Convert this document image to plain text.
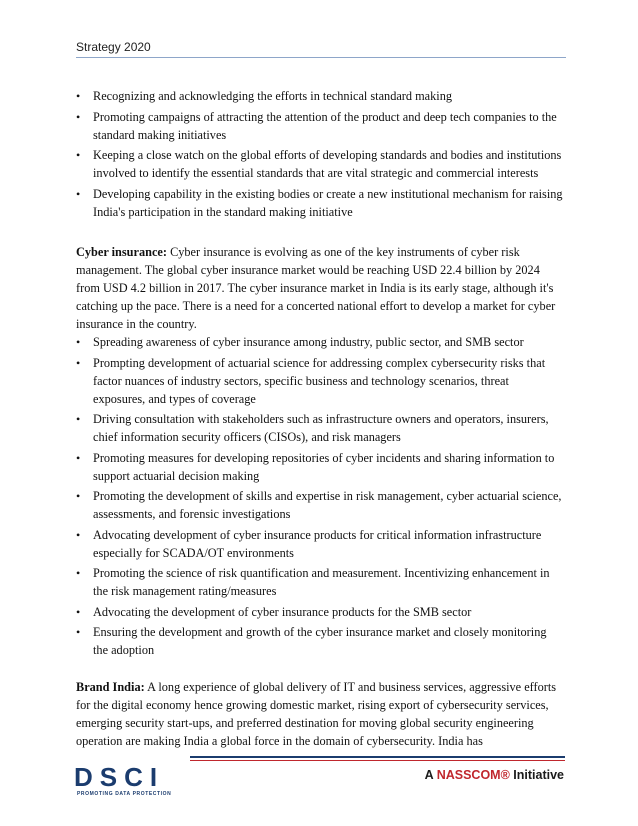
Strategy 2020
• Recognizing and acknowledging the efforts in technical standard making
• Promoting campaigns of attracting the attention of the product and deep tech companies to the standard making initiatives
• Keeping a close watch on the global efforts of developing standards and bodies and institutions involved to identify the essential standards that are vital strategic and commercial interests
• Developing capability in the existing bodies or create a new institutional mechanism for raising India's participation in the standard making initiative

Cyber insurance: Cyber insurance is evolving as one of the key instruments of cyber risk management. The global cyber insurance market would be reaching USD 22.4 billion by 2024 from USD 4.2 billion in 2017. The cyber insurance market in India is its early stage, although it's catching up the pace. There is a need for a concerted national effort to develop a market for cyber insurance in the country.

• Spreading awareness of cyber insurance among industry, public sector, and SMB sector
• Prompting development of actuarial science for addressing complex cybersecurity risks that factor nuances of industry sectors, specific business and technology scenarios, threat exposures, and types of coverage
• Driving consultation with stakeholders such as infrastructure owners and operators, insurers, chief information security officers (CISOs), and risk managers
• Promoting measures for developing repositories of cyber incidents and sharing information to support actuarial decision making
• Promoting the development of skills and expertise in risk management, cyber actuarial science, assessments, and forensic investigations
• Advocating development of cyber insurance products for critical information infrastructure especially for SCADA/OT environments
• Promoting the science of risk quantification and measurement. Incentivizing enhancement in the risk management rating/measures
• Advocating the development of cyber insurance products for the SMB sector
• Ensuring the development and growth of the cyber insurance market and closely monitoring the adoption

Brand India: A long experience of global delivery of IT and business services, aggressive efforts for the digital economy hence growing domestic market, rising export of cybersecurity services, emerging security start-ups, and preferred destination for moving global security engineering operation are making India a global force in the domain of cybersecurity. India has

DSCI
PROMOTING DATA PROTECTION
A NASSCOM® Initiative
